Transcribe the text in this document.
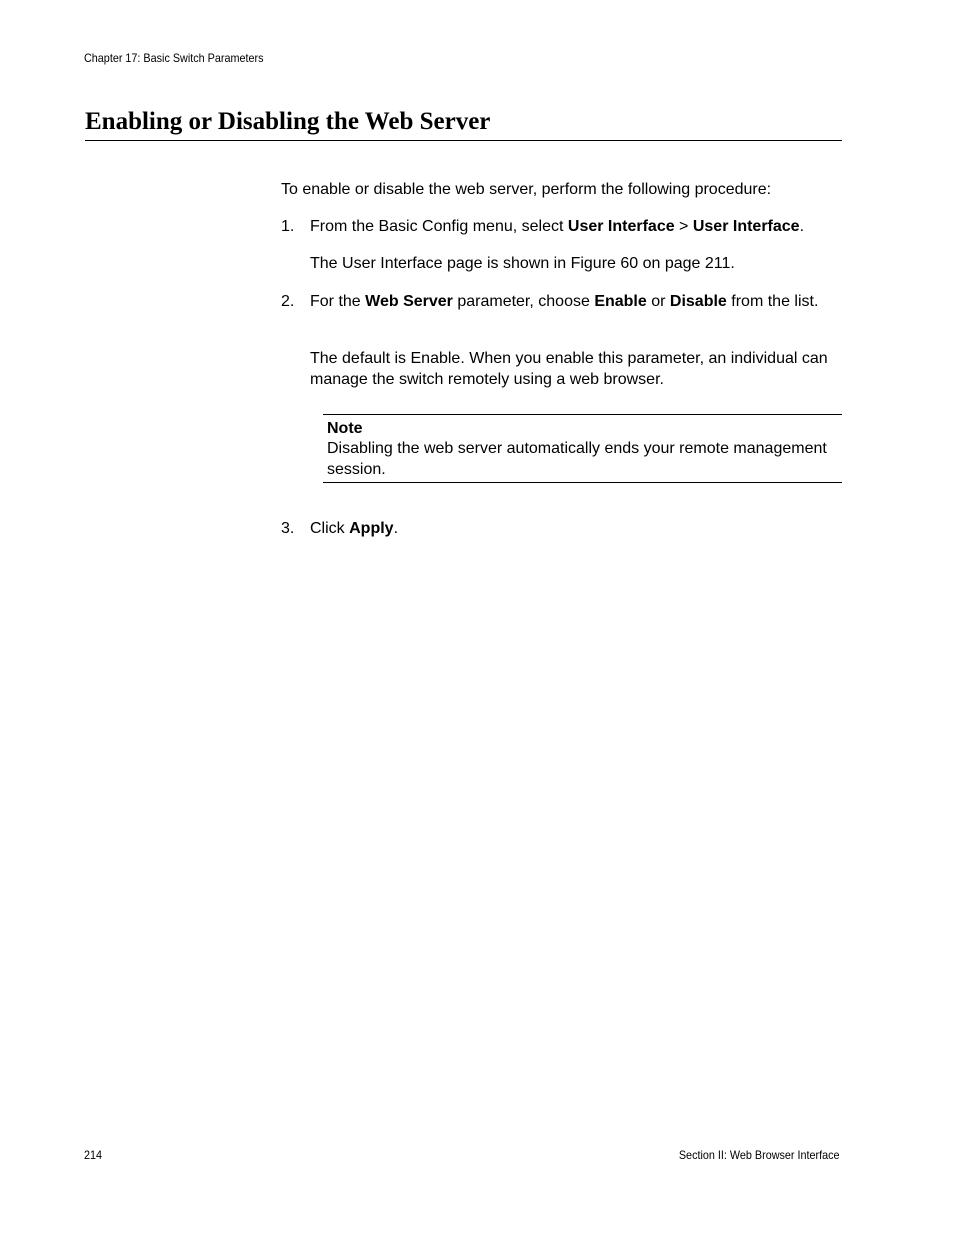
Chapter 17: Basic Switch Parameters
Enabling or Disabling the Web Server
To enable or disable the web server, perform the following procedure:
1. From the Basic Config menu, select User Interface > User Interface.
The User Interface page is shown in Figure 60 on page 211.
2. For the Web Server parameter, choose Enable or Disable from the list.
The default is Enable. When you enable this parameter, an individual can manage the switch remotely using a web browser.
Note
Disabling the web server automatically ends your remote management session.
3. Click Apply.
214	Section II: Web Browser Interface
